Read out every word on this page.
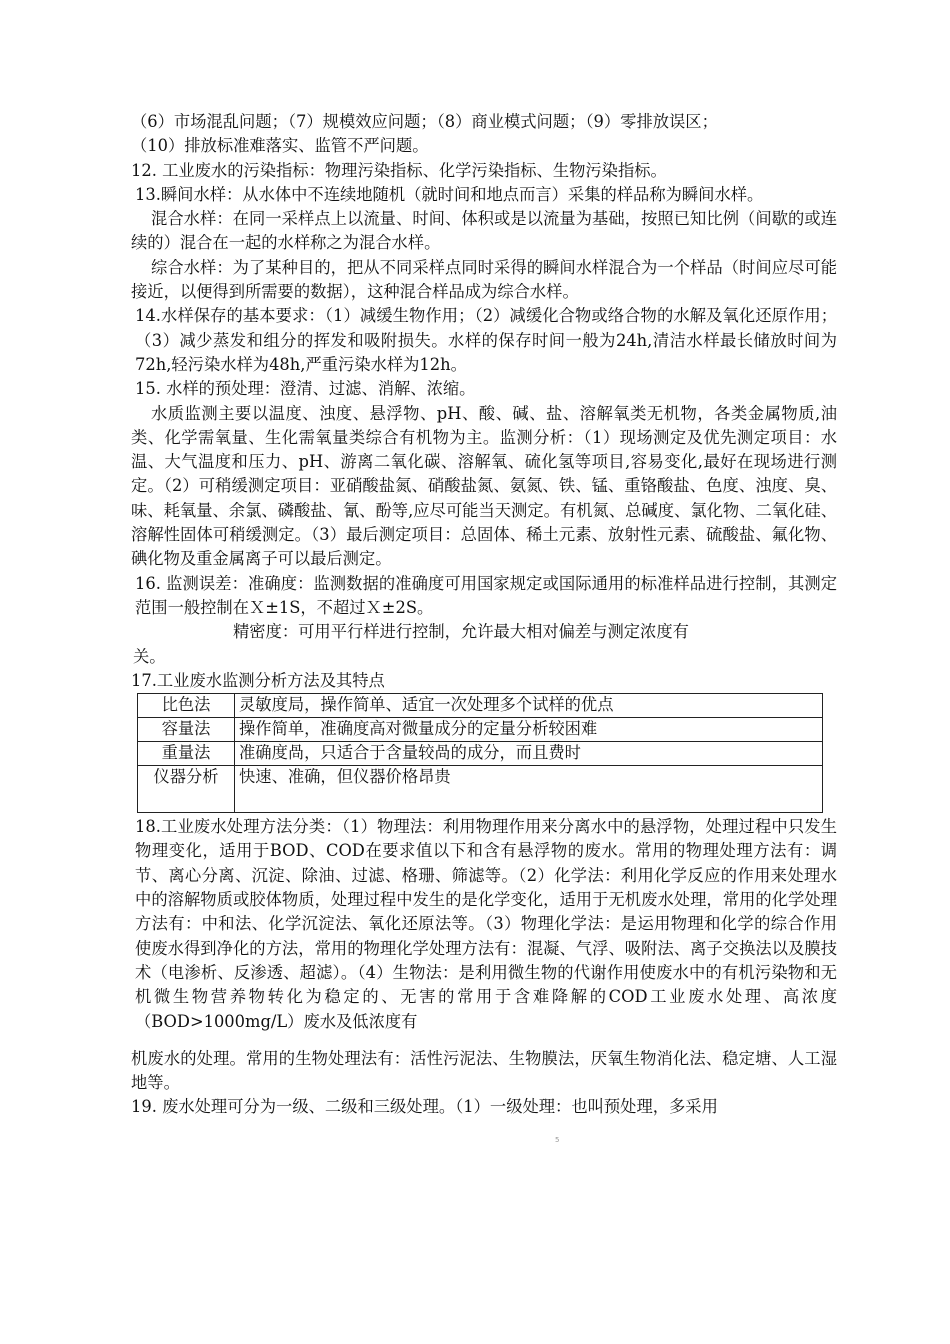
（6）市场混乱问题；（7）规模效应问题；（8）商业模式问题；（9）零排放误区；

（10）排放标准难落实、监管不严问题。

12. 工业废水的污染指标：物理污染指标、化学污染指标、生物污染指标。

13.瞬间水样：从水体中不连续地随机（就时间和地点而言）采集的样品称为瞬间水样。

混合水样：在同一采样点上以流量、时间、体积或是以流量为基础，按照已知比例（间歇的或连续的）混合在一起的水样称之为混合水样。

综合水样：为了某种目的，把从不同采样点同时采得的瞬间水样混合为一个样品（时间应尽可能接近，以便得到所需要的数据），这种混合样品成为综合水样。

14.水样保存的基本要求：（1）减缓生物作用；（2）减缓化合物或络合物的水解及氧化还原作用；（3）减少蒸发和组分的挥发和吸附损失。水样的保存时间一般为24h,清洁水样最长储放时间为72h,轻污染水样为48h,严重污染水样为12h。

15. 水样的预处理：澄清、过滤、消解、浓缩。

水质监测主要以温度、浊度、悬浮物、pH、酸、碱、盐、溶解氧类无机物，各类金属物质,油类、化学需氧量、生化需氧量类综合有机物为主。监测分析：（1）现场测定及优先测定项目：水温、大气温度和压力、pH、游离二氧化碳、溶解氧、硫化氢等项目,容易变化,最好在现场进行测定。（2）可稍缓测定项目：亚硝酸盐氮、硝酸盐氮、氨氮、铁、锰、重铬酸盐、色度、浊度、臭、味、耗氧量、余氯、磷酸盐、氰、酚等,应尽可能当天测定。有机氮、总碱度、氯化物、二氧化硅、溶解性固体可稍缓测定。（3）最后测定项目：总固体、稀土元素、放射性元素、硫酸盐、氟化物、碘化物及重金属离子可以最后测定。

16. 监测误差：准确度：监测数据的准确度可用国家规定或国际通用的标准样品进行控制，其测定范围一般控制在Ｘ±1S，不超过Ｘ±2S。

精密度：可用平行样进行控制，允许最大相对偏差与测定浓度有

关。

17.工业废水监测分析方法及其特点

比色法	灵敏度局，操作简单、适宜一次处理多个试样的优点
容量法	操作简单，准确度高对微量成分的定量分析较困难
重量法	准确度咼，只适合于含量较咼的成分，而且费时
仪器分析	快速、准确，但仪器价格昂贵

18.工业废水处理方法分类：（1）物理法：利用物理作用来分离水中的悬浮物，处理过程中只发生物理变化，适用于BOD、COD在要求值以下和含有悬浮物的废水。常用的物理处理方法有：调节、离心分离、沉淀、除油、过滤、格珊、筛滤等。（2）化学法：利用化学反应的作用来处理水中的溶解物质或胶体物质，处理过程中发生的是化学变化，适用于无机废水处理，常用的化学处理方法有：中和法、化学沉淀法、氧化还原法等。（3）物理化学法：是运用物理和化学的综合作用使废水得到净化的方法，常用的物理化学处理方法有：混凝、气浮、吸附法、离子交换法以及膜技术（电渗析、反渗透、超滤）。（4）生物法：是利用微生物的代谢作用使废水中的有机污染物和无机微生物营养物转化为稳定的、无害的常用于含难降解的COD工业废水处理、高浓度（BOD>1000mg/L）废水及低浓度有

机废水的处理。常用的生物处理法有：活性污泥法、生物膜法，厌氧生物消化法、稳定塘、人工湿地等。

19. 废水处理可分为一级、二级和三级处理。（1）一级处理：也叫预处理，多采用

5
